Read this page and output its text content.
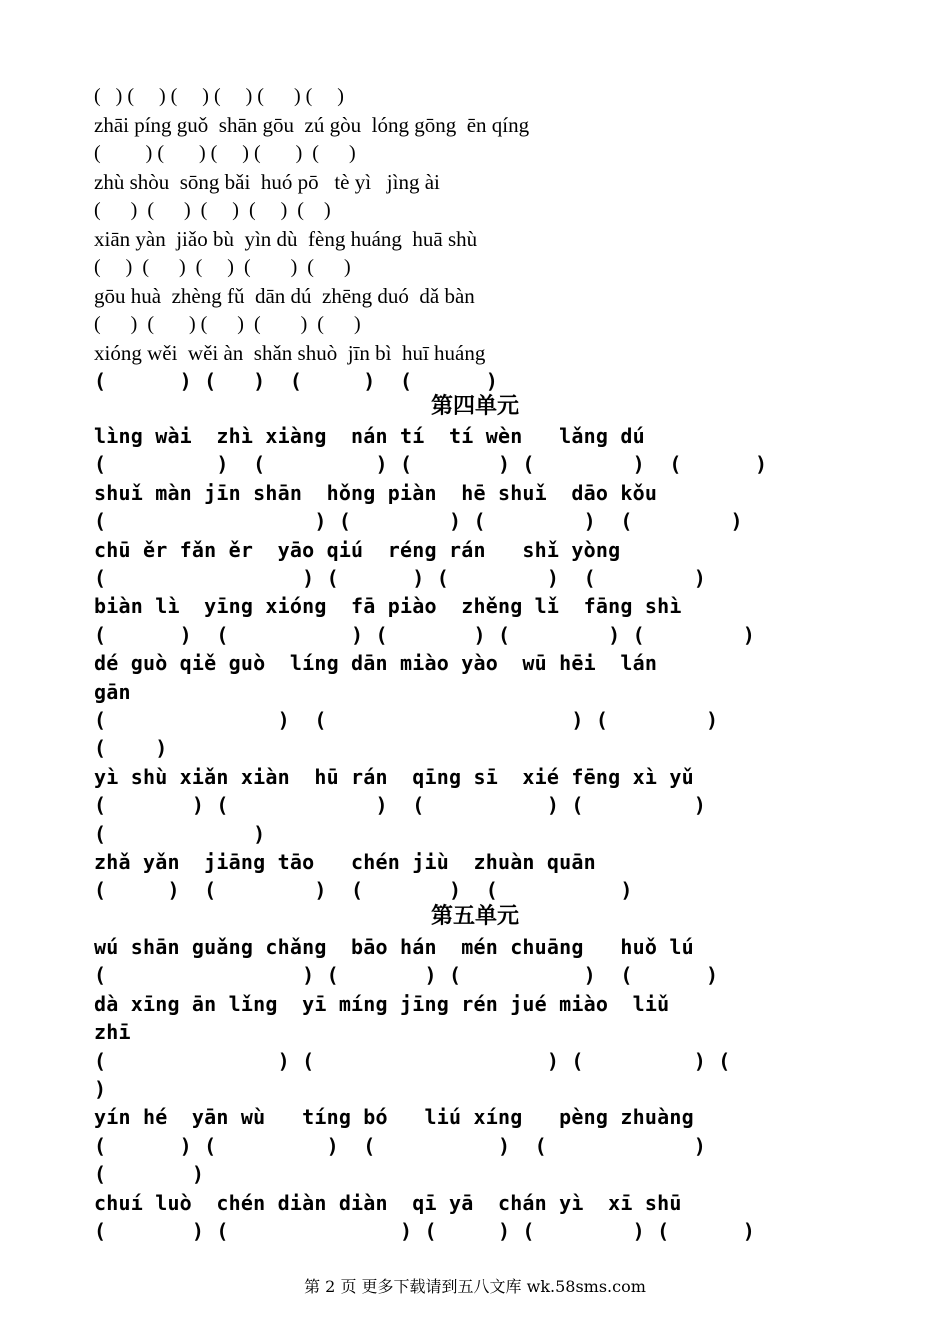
(   ) (     ) (     ) (     ) (      ) (     )
zhāi píng guǒ  shān gōu  zú gòu  lóng gōng  ēn qíng
(         ) (       ) (     ) (       )  (      )
zhù shòu  sōng bǎi  huó pō   tè yì   jìng ài
(      )  (      )  (     )  (     )  (    )
xiān yàn  jiǎo bù  yìn dù  fèng huáng  huā shù
(     )  (      )  (     )  (        )  (      )
gōu huà  zhèng fǔ  dān dú  zhēng duó  dǎ bàn
(      )  (       ) (      )  (        )  (      )
xióng wěi  wěi àn  shǎn shuò  jīn bì  huī huáng
(      ) (   )  (     )  (      )
第四单元
lìng wài  zhì xiàng  nán tí  tí wèn   lǎng dú
(         )  (         ) (       ) (        )  (      )
shuǐ màn jīn shān  hǒng piàn  hē shuǐ  dāo kǒu
(                 ) (        ) (        )  (        )
chū ěr fǎn ěr  yāo qiú  réng rán   shǐ yòng
(                ) (      ) (        )  (        )
biàn lì  yīng xióng  fā piào  zhěng lǐ  fāng shì
(      )  (          ) (       ) (        ) (        )
dé guò qiě guò  líng dān miào yào  wū hēi  lán
gān
(              )  (                    ) (        )
(    )
yì shù xiǎn xiàn  hū rán  qīng sī  xié fēng xì yǔ
(       ) (            )  (          ) (         )
(            )
zhǎ yǎn  jiāng tāo   chén jiù  zhuàn quān
(     )  (        )  (       )  (          )
第五单元
wú shān guǎng chǎng  bāo hán  mén chuāng   huǒ lú
(                ) (       ) (          )  (      )
dà xīng ān lǐng  yī míng jīng rén jué miào  liǔ
zhī
(              ) (                   ) (         ) (
)
yín hé  yān wù   tíng bó   liú xíng   pèng zhuàng
(      ) (         )  (          )  (            )
(       )
chuí luò  chén diàn diàn  qī yā  chán yì  xī shū
(       ) (              ) (     ) (        ) (      )
第 2 页 更多下载请到五八文库 wk.58sms.com
